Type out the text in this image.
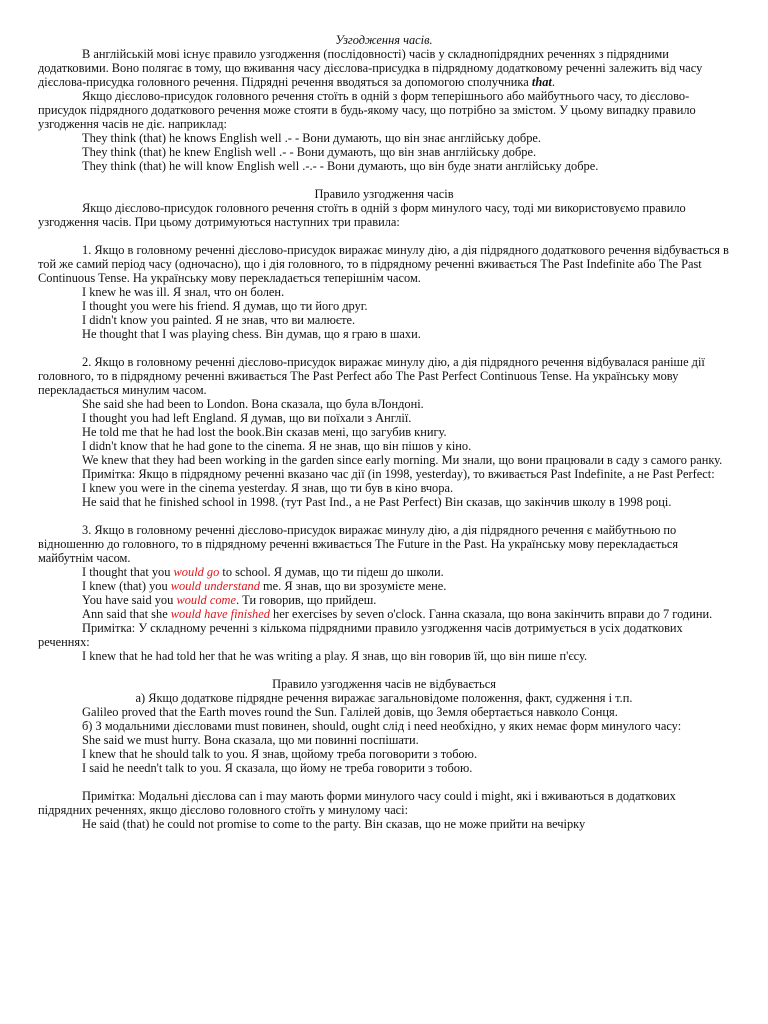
Узгодження часів.

В англійській мові існує правило узгодження (послідовності) часів у складнопідрядних реченнях з підрядними додатковими. Воно полягає в тому, що вживання часу дієслова-присудка в підрядному додатковому реченні залежить від часу дієслова-присудка головного речення. Підрядні речення вводяться за допомогою сполучника that.

Якщо дієслово-присудок головного речення стоїть в одній з форм теперішнього або майбутнього часу, то дієслово-присудок підрядного додаткового речення може стояти в будь-якому часу, що потрібно за змістом. У цьому випадку правило узгодження часів не діє. наприклад:

They think (that) he knows English well .- - Вони думають, що він знає англійську добре.

They think (that) he knew English well .- - Вони думають, що він знав англійську добре.

They think (that) he will know English well .-.- - Вони думають, що він буде знати англійську добре.

Правило узгодження часів

Якщо дієслово-присудок головного речення стоїть в одній з форм минулого часу, тоді ми використовуємо правило узгодження часів. При цьому дотримуються наступних три правила:

1. Якщо в головному реченні дієслово-присудок виражає минулу дію, а дія підрядного додаткового речення відбувається в той же самий період часу (одночасно), що і дія головного, то в підрядному реченні вживається The Past Indefinite або The Past Continuous Tense. На українську мову перекладається теперішнім часом.

I knew he was ill. Я знал, что он болен.

I thought you were his friend. Я думав, що ти його друг.

I didn't know you painted. Я не знав, что ви малюєте.

He thought that I was playing chess. Він думав, що я граю в шахи.

2. Якщо в головному реченні дієслово-присудок виражає минулу дію, а дія підрядного речення відбувалася раніше дії головного, то в підрядному реченні вживається The Past Perfect або The Past Perfect Continuous Tense. На українську мову перекладається минулим часом.

She said she had been to London. Вона сказала, що була вЛондоні.

I thought you had left England. Я думав, що ви поїхали з Англії.

He told me that he had lost the book.Він сказав мені, що загубив книгу.

I didn't know that he had gone to the cinema. Я не знав, що він пішов у кіно.

We knew that they had been working in the garden since early morning. Ми знали, що вони працювали в саду з самого ранку.

Примітка: Якщо в підрядному реченні вказано час дії (in 1998, yesterday), то вживається Past Indefinite, а не Past Perfect:

I knew you were in the cinema yesterday. Я знав, що ти був в кіно вчора.

He said that he finished school in 1998. (тут Past Ind., а не Past Perfect) Він сказав, що закінчив школу в 1998 році.

3. Якщо в головному реченні дієслово-присудок виражає минулу дію, а дія підрядного речення є майбутньою по відношенню до головного, то в підрядному реченні вживається The Future in the Past. На українську мову перекладається майбутнім часом.

I thought that you would go to school. Я думав, що ти підеш до школи.

I knew (that) you would understand me. Я знав, що ви зрозумієте мене.

You have said you would come. Ти говорив, що прийдеш.

Ann said that she would have finished her exercises by seven o'clock. Ганна сказала, що вона закінчить вправи до 7 години.

Примітка: У складному реченні з кількома підрядними правило узгодження часів дотримується в усіх додаткових реченнях:

I knew that he had told her that he was writing a play. Я знав, що він говорив їй, що він пише п'єсу.

Правило узгодження часів не відбувається

а) Якщо додаткове підрядне речення виражає загальновідоме положення, факт, судження і т.п.

Galileo proved that the Earth moves round the Sun. Галілей довів, що Земля обертається навколо Сонця.

б) З модальними дієсловами must повинен, should, ought слід і need необхідно, у яких немає форм минулого часу:

She said we must hurry. Вона сказала, що ми повинні поспішати.

I knew that he should talk to you. Я знав, щойому треба поговорити з тобою.

I said he needn't talk to you. Я сказала, що йому не треба говорити з тобою.

Примітка: Модальні дієслова can і may мають форми минулого часу could і might, які і вживаються в додаткових підрядних реченнях, якщо дієслово головного стоїть у минулому часі:

He said (that) he could not promise to come to the party. Він сказав, що не може прийти на вечірку
